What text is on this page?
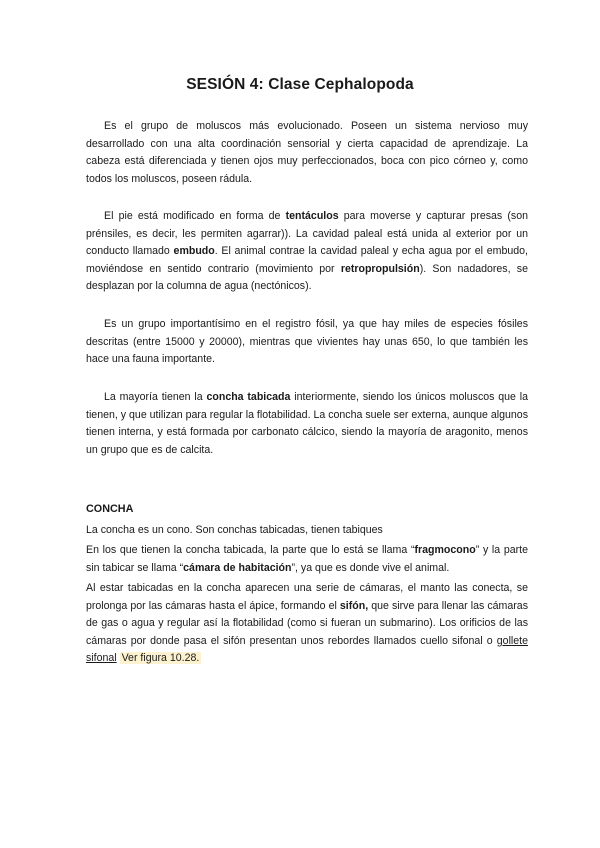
SESIÓN 4: Clase Cephalopoda

Es el grupo de moluscos más evolucionado. Poseen un sistema nervioso muy desarrollado con una alta coordinación sensorial y cierta capacidad de aprendizaje. La cabeza está diferenciada y tienen ojos muy perfeccionados, boca con pico córneo y, como todos los moluscos, poseen rádula.

El pie está modificado en forma de tentáculos para moverse y capturar presas (son prénsiles, es decir, les permiten agarrar)). La cavidad paleal está unida al exterior por un conducto llamado embudo. El animal contrae la cavidad paleal y echa agua por el embudo, moviéndose en sentido contrario (movimiento por retropropulsión). Son nadadores, se desplazan por la columna de agua (nectónicos).

Es un grupo importantísimo en el registro fósil, ya que hay miles de especies fósiles descritas (entre 15000 y 20000), mientras que vivientes hay unas 650, lo que también les hace una fauna importante.

La mayoría tienen la concha tabicada interiormente, siendo los únicos moluscos que la tienen, y que utilizan para regular la flotabilidad. La concha suele ser externa, aunque algunos tienen interna, y está formada por carbonato cálcico, siendo la mayoría de aragonito, menos un grupo que es de calcita.

CONCHA

La concha es un cono. Son conchas tabicadas, tienen tabiques

En los que tienen la concha tabicada, la parte que lo está se llama “fragmocono” y la parte sin tabicar se llama “cámara de habitación”, ya que es donde vive el animal.

Al estar tabicadas en la concha aparecen una serie de cámaras, el manto las conecta, se prolonga por las cámaras hasta el ápice, formando el sifón, que sirve para llenar las cámaras de gas o agua y regular así la flotabilidad (como si fueran un submarino). Los orificios de las cámaras por donde pasa el sifón presentan unos rebordes llamados cuello sifonal o gollete sifonal Ver figura 10.28.
